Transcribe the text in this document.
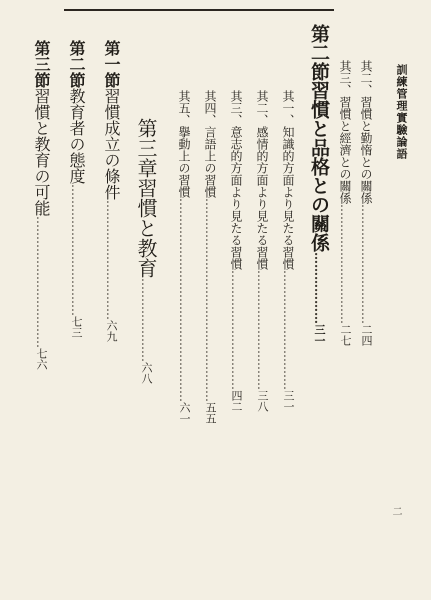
訓練管理實驗論語
二
其二、習慣と勤惰との關係…………………………二四
其三、習慣と經濟との關係…………………………二七
第二節習慣と品格との關係………………三一
其一、知識的方面より見たる習慣…………………………三一
其二、感情的方面より見たる習慣…………………………三八
其三、意志的方面より見たる習慣…………………………四二
其四、言語上の習慣……………………………………………五五
其五、擧動上の習慣……………………………………………六一
第三章習慣と教育…………………六八
第一節習慣成立の條件…………………………六九
第二節教育者の態度……………………………七三
第三節習慣と教育の可能……………………………七六
